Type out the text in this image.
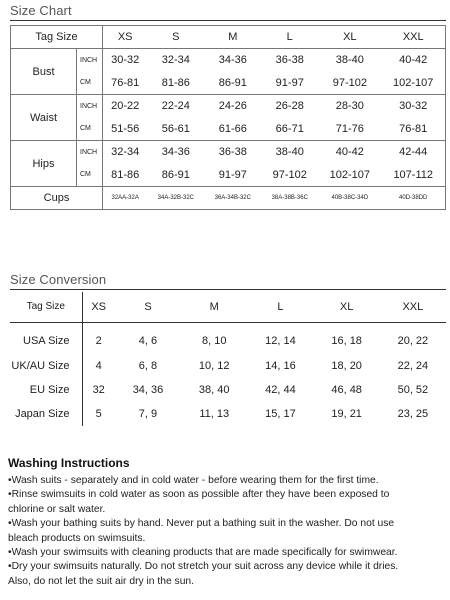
Size Chart
Tag Size		XS	S	M	L	XL	XXL
Bust	INCH	30-32	32-34	34-36	36-38	38-40	40-42
	CM	76-81	81-86	86-91	91-97	97-102	102-107
Waist	INCH	20-22	22-24	24-26	26-28	28-30	30-32
	CM	51-56	56-61	61-66	66-71	71-76	76-81
Hips	INCH	32-34	34-36	36-38	38-40	40-42	42-44
	CM	81-86	86-91	91-97	97-102	102-107	107-112
Cups		32AA-32A	34A-32B-32C	36A-34B-32C	38A-38B-36C	40B-38C-34D	40D-38DD
Size Conversion
Tag Size	XS	S	M	L	XL	XXL
USA Size	2	4, 6	8, 10	12, 14	16, 18	20, 22
UK/AU Size	4	6, 8	10, 12	14, 16	18, 20	22, 24
EU Size	32	34, 36	38, 40	42, 44	46, 48	50, 52
Japan Size	5	7, 9	11, 13	15, 17	19, 21	23, 25
Washing Instructions
•Wash suits - separately and in cold water - before wearing them for the first time.
•Rinse swimsuits in cold water as soon as possible after they have been exposed to
chlorine or salt water.
•Wash your bathing suits by hand. Never put a bathing suit in the washer. Do not use
bleach products on swimsuits.
•Wash your swimsuits with cleaning products that are made specifically for swimwear.
•Dry your swimsuits naturally. Do not stretch your suit across any device while it dries.
Also, do not let the suit air dry in the sun.
